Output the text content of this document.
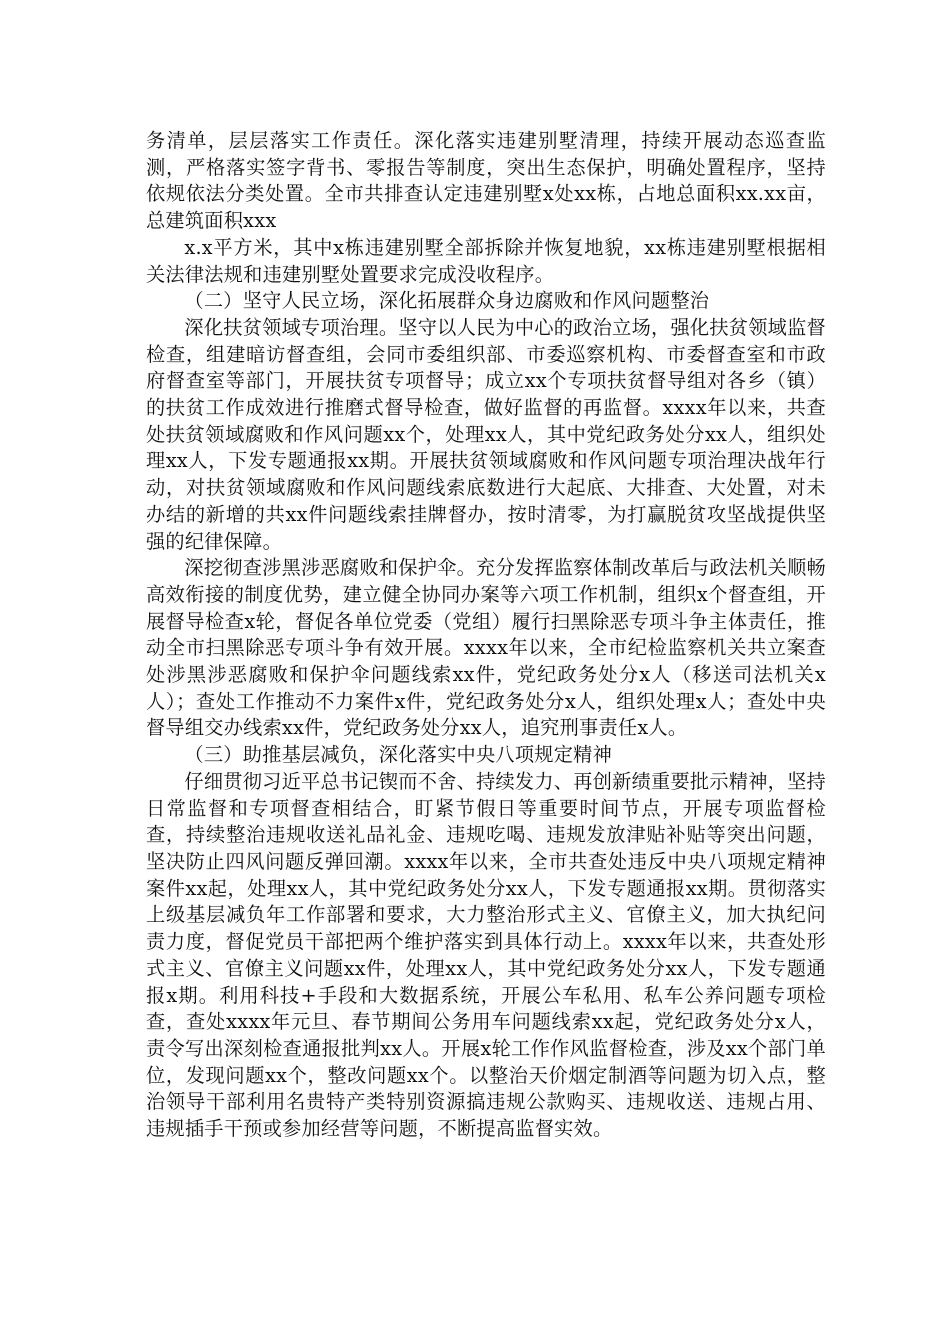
务清单，层层落实工作责任。深化落实违建别墅清理，持续开展动态巡查监测，严格落实签字背书、零报告等制度，突出生态保护，明确处置程序，坚持依规依法分类处置。全市共排查认定违建别墅x处xx栋，占地总面积xx.xx亩，总建筑面积xxx

x.x平方米，其中x栋违建别墅全部拆除并恢复地貌，xx栋违建别墅根据相关法律法规和违建别墅处置要求完成没收程序。

（二）坚守人民立场，深化拓展群众身边腐败和作风问题整治

深化扶贫领域专项治理。坚守以人民为中心的政治立场，强化扶贫领域监督检查，组建暗访督查组，会同市委组织部、市委巡察机构、市委督查室和市政府督查室等部门，开展扶贫专项督导；成立xx个专项扶贫督导组对各乡（镇）的扶贫工作成效进行推磨式督导检查，做好监督的再监督。xxxx年以来，共查处扶贫领域腐败和作风问题xx个，处理xx人，其中党纪政务处分xx人，组织处理xx人，下发专题通报xx期。开展扶贫领域腐败和作风问题专项治理决战年行动，对扶贫领域腐败和作风问题线索底数进行大起底、大排查、大处置，对未办结的新增的共xx件问题线索挂牌督办，按时清零，为打赢脱贫攻坚战提供坚强的纪律保障。

深挖彻查涉黑涉恶腐败和保护伞。充分发挥监察体制改革后与政法机关顺畅高效衔接的制度优势，建立健全协同办案等六项工作机制，组织x个督查组，开展督导检查x轮，督促各单位党委（党组）履行扫黑除恶专项斗争主体责任，推动全市扫黑除恶专项斗争有效开展。xxxx年以来，全市纪检监察机关共立案查处涉黑涉恶腐败和保护伞问题线索xx件，党纪政务处分x人（移送司法机关x人）；查处工作推动不力案件x件，党纪政务处分x人，组织处理x人；查处中央督导组交办线索xx件，党纪政务处分xx人，追究刑事责任x人。

（三）助推基层减负，深化落实中央八项规定精神

仔细贯彻习近平总书记锲而不舍、持续发力、再创新绩重要批示精神，坚持日常监督和专项督查相结合，盯紧节假日等重要时间节点，开展专项监督检查，持续整治违规收送礼品礼金、违规吃喝、违规发放津贴补贴等突出问题，坚决防止四风问题反弹回潮。xxxx年以来，全市共查处违反中央八项规定精神案件xx起，处理xx人，其中党纪政务处分xx人，下发专题通报xx期。贯彻落实上级基层减负年工作部署和要求，大力整治形式主义、官僚主义，加大执纪问责力度，督促党员干部把两个维护落实到具体行动上。xxxx年以来，共查处形式主义、官僚主义问题xx件，处理xx人，其中党纪政务处分xx人，下发专题通报x期。利用科技+手段和大数据系统，开展公车私用、私车公养问题专项检查，查处xxxx年元旦、春节期间公务用车问题线索xx起，党纪政务处分x人，责令写出深刻检查通报批判xx人。开展x轮工作作风监督检查，涉及xx个部门单位，发现问题xx个，整改问题xx个。以整治天价烟定制酒等问题为切入点，整治领导干部利用名贵特产类特别资源搞违规公款购买、违规收送、违规占用、违规插手干预或参加经营等问题，不断提高监督实效。
